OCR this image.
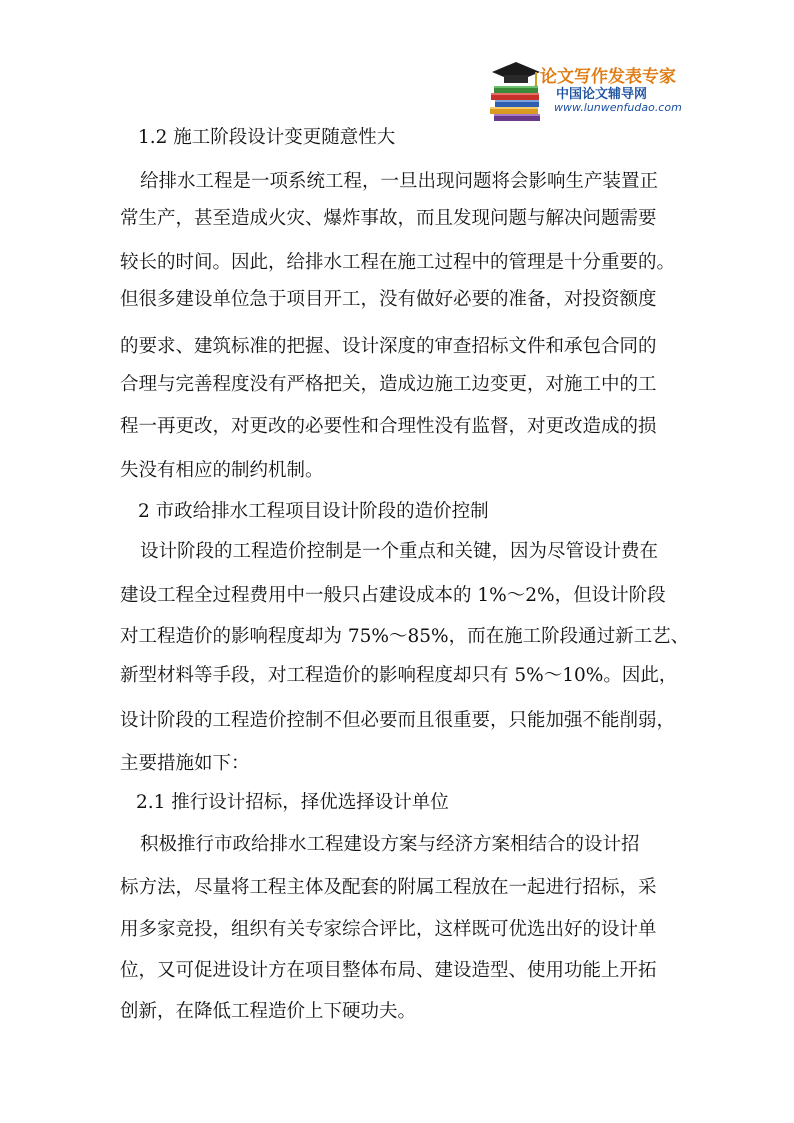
论文写作发表专家
中国论文辅导网
www.lunwenfudao.com
1.2 施工阶段设计变更随意性大
给排水工程是一项系统工程，一旦出现问题将会影响生产装置正
常生产，甚至造成火灾、爆炸事故，而且发现问题与解决问题需要
较长的时间。因此，给排水工程在施工过程中的管理是十分重要的。
但很多建设单位急于项目开工，没有做好必要的准备，对投资额度
的要求、建筑标准的把握、设计深度的审查招标文件和承包合同的
合理与完善程度没有严格把关，造成边施工边变更，对施工中的工
程一再更改，对更改的必要性和合理性没有监督，对更改造成的损
失没有相应的制约机制。
2 市政给排水工程项目设计阶段的造价控制
设计阶段的工程造价控制是一个重点和关键，因为尽管设计费在
建设工程全过程费用中一般只占建设成本的 1%～2%，但设计阶段
对工程造价的影响程度却为 75%～85%，而在施工阶段通过新工艺、
新型材料等手段，对工程造价的影响程度却只有 5%～10%。因此，
设计阶段的工程造价控制不但必要而且很重要，只能加强不能削弱，
主要措施如下：
2.1 推行设计招标，择优选择设计单位
积极推行市政给排水工程建设方案与经济方案相结合的设计招
标方法，尽量将工程主体及配套的附属工程放在一起进行招标，采
用多家竞投，组织有关专家综合评比，这样既可优选出好的设计单
位，又可促进设计方在项目整体布局、建设造型、使用功能上开拓
创新，在降低工程造价上下硬功夫。
